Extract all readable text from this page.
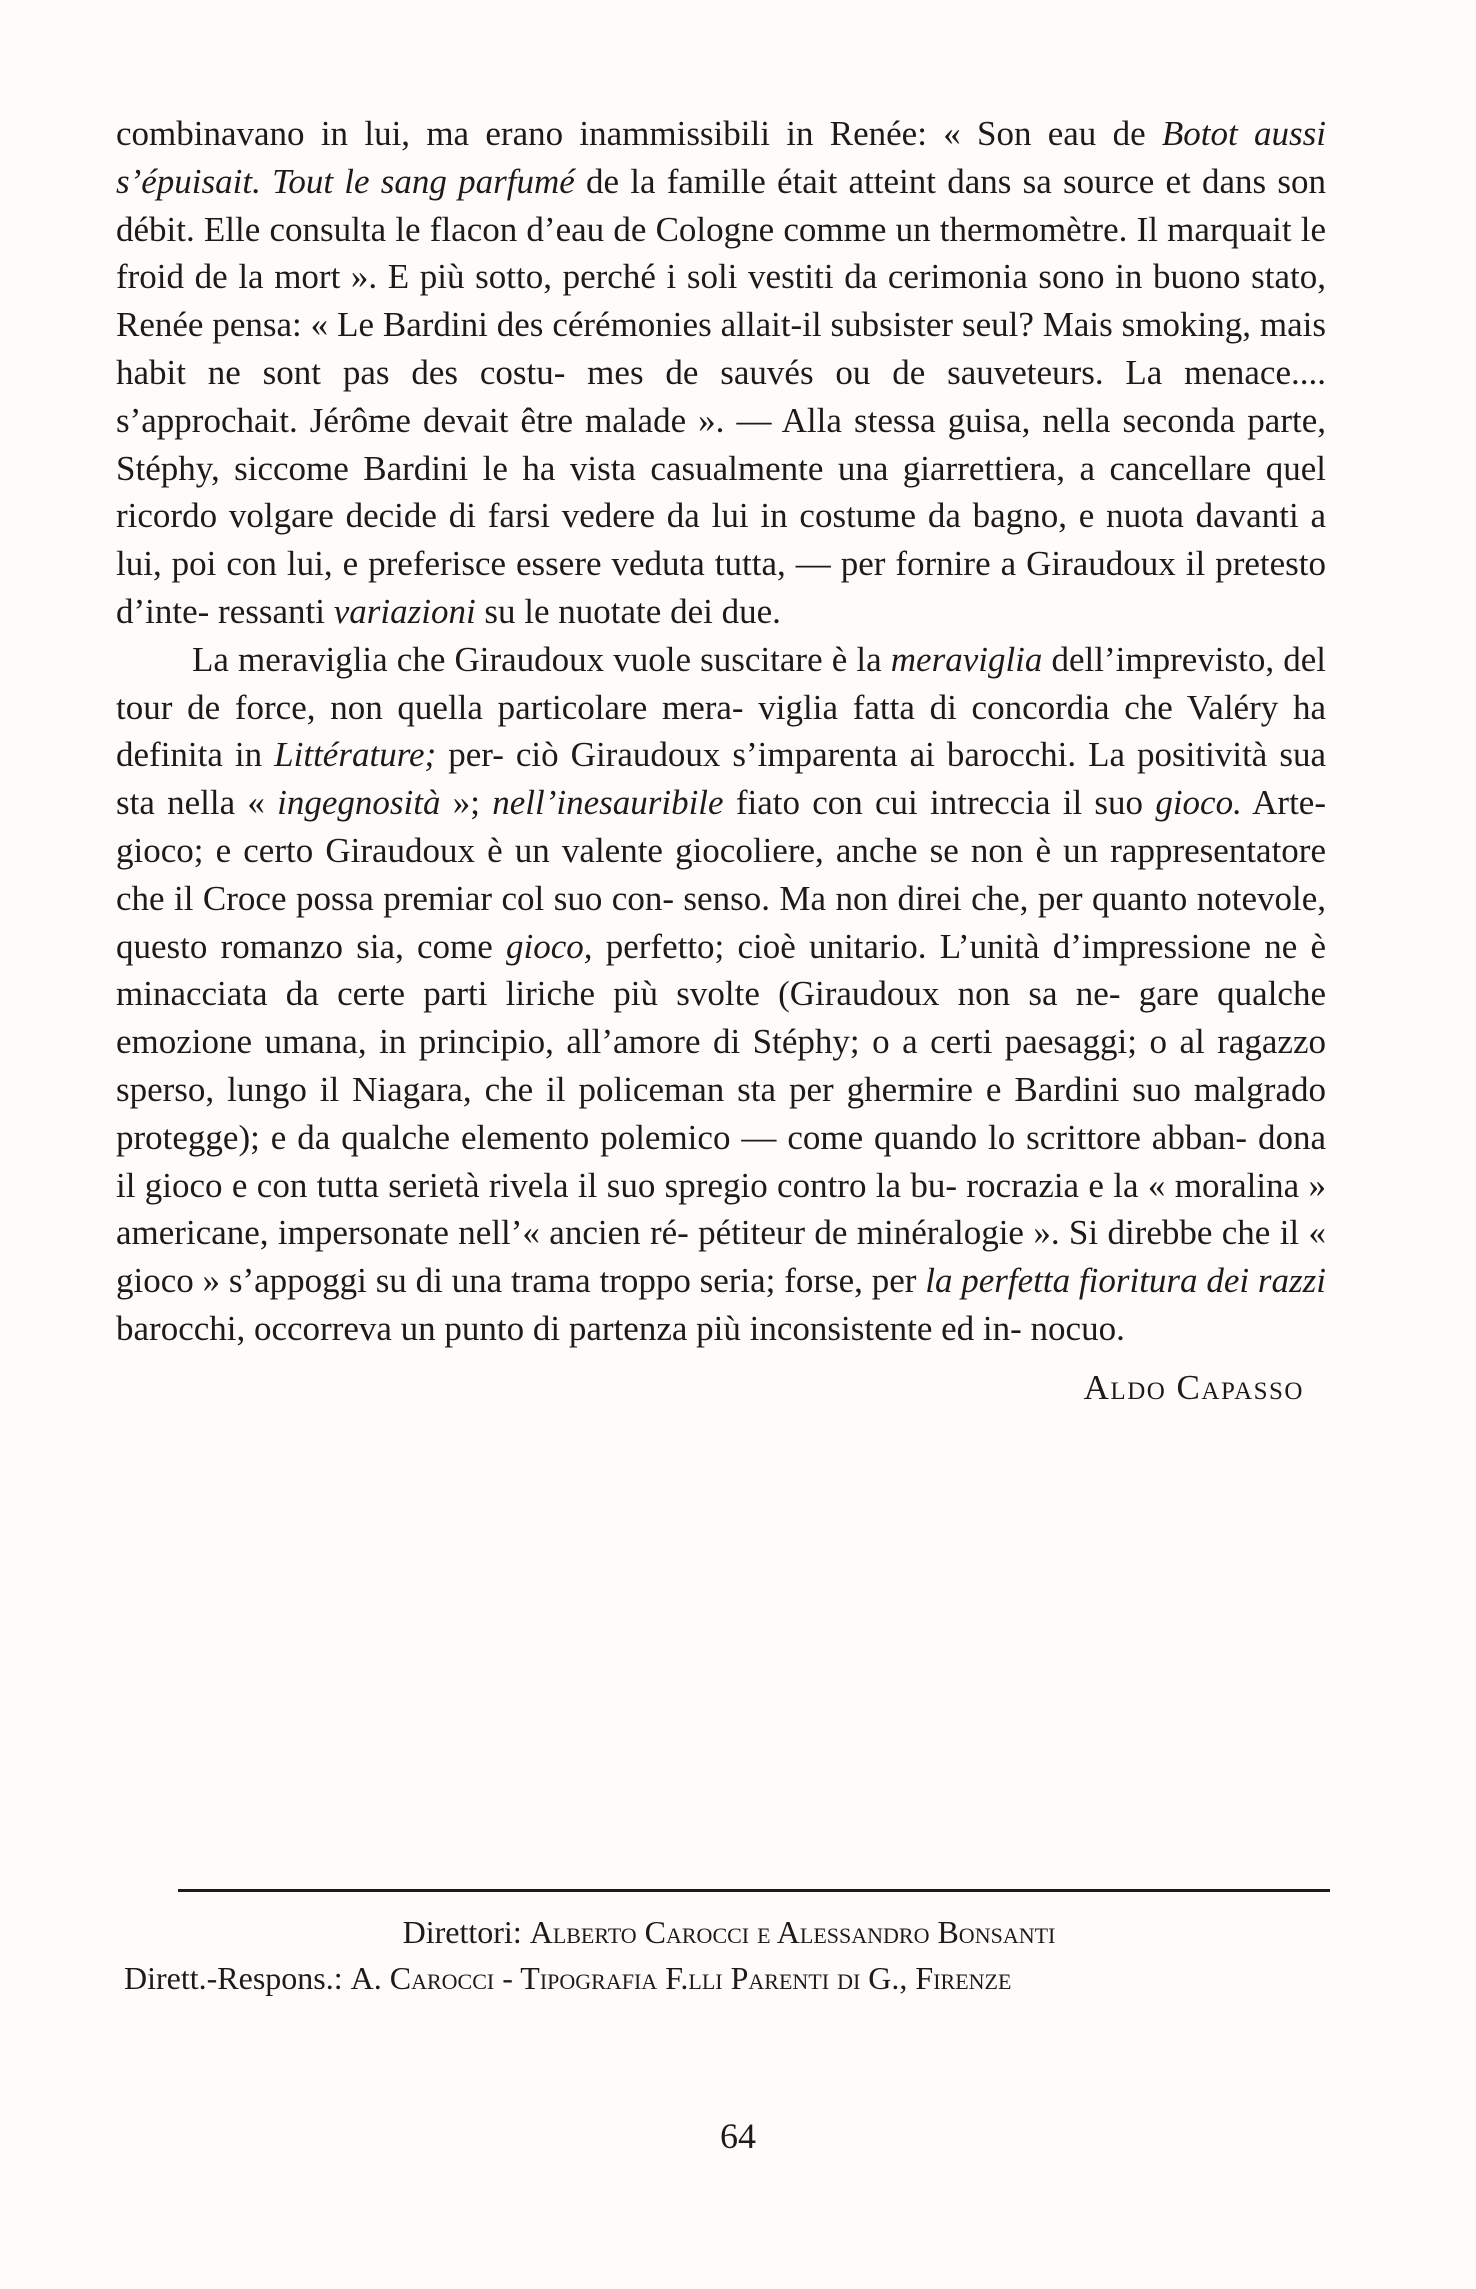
combinavano in lui, ma erano inammissibili in Renée: « Son eau de Botot aussi s’épuisait. Tout le sang parfumé de la famille était atteint dans sa source et dans son débit. Elle consulta le flacon d’eau de Cologne comme un thermomètre. Il marquait le froid de la mort ». E più sotto, perché i soli vestiti da cerimonia sono in buono stato, Renée pensa: « Le Bardini des cérémonies allait-il subsister seul? Mais smoking, mais habit ne sont pas des costu- mes de sauvés ou de sauveteurs. La menace.... s’approchait. Jérôme devait être malade ». — Alla stessa guisa, nella seconda parte, Stéphy, siccome Bardini le ha vista casualmente una giarrettiera, a cancellare quel ricordo volgare decide di farsi vedere da lui in costume da bagno, e nuota davanti a lui, poi con lui, e preferisce essere veduta tutta, — per fornire a Giraudoux il pretesto d’inte- ressanti variazioni su le nuotate dei due.

La meraviglia che Giraudoux vuole suscitare è la meraviglia dell’imprevisto, del tour de force, non quella particolare mera- viglia fatta di concordia che Valéry ha definita in Littérature; per- ciò Giraudoux s’imparenta ai barocchi. La positività sua sta nella « ingegnosità »; nell’inesauribile fiato con cui intreccia il suo gioco. Arte-gioco; e certo Giraudoux è un valente giocoliere, anche se non è un rappresentatore che il Croce possa premiar col suo con- senso. Ma non direi che, per quanto notevole, questo romanzo sia, come gioco, perfetto; cioè unitario. L’unità d’impressione ne è minacciata da certe parti liriche più svolte (Giraudoux non sa ne- gare qualche emozione umana, in principio, all’amore di Stéphy; o a certi paesaggi; o al ragazzo sperso, lungo il Niagara, che il policeman sta per ghermire e Bardini suo malgrado protegge); e da qualche elemento polemico — come quando lo scrittore abban- dona il gioco e con tutta serietà rivela il suo spregio contro la bu- rocrazia e la « moralina » americane, impersonate nell’« ancien ré- pétiteur de minéralogie ». Si direbbe che il « gioco » s’appoggi su di una trama troppo seria; forse, per la perfetta fioritura dei razzi barocchi, occorreva un punto di partenza più inconsistente ed in- nocuo.

Aldo Capasso

Direttori: Alberto Carocci e Alessandro Bonsanti

Dirett.-Respons.: A. Carocci - Tipografia F.lli Parenti di G., Firenze

64
